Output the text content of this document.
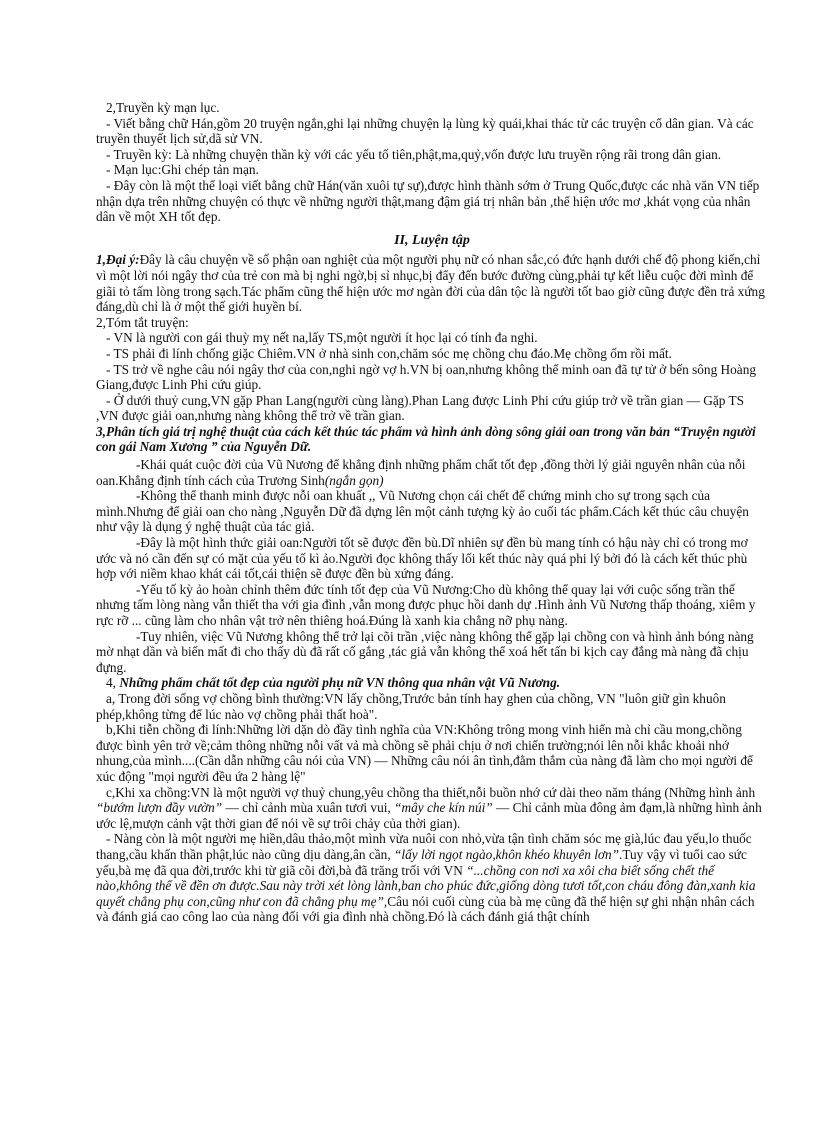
2,Truyền kỳ mạn lục.

- Viết bằng chữ Hán,gồm 20 truyện ngắn,ghi lại những chuyện lạ lùng kỳ quái,khai thác từ các truyện cổ dân gian. Và các truyền thuyết lịch sử,dã sử VN.

- Truyền kỳ: Là những chuyện thần kỳ với các yếu tố tiên,phật,ma,quỷ,vốn được lưu truyền rộng rãi trong dân gian.

- Mạn lục:Ghi chép tản mạn.

- Đây còn là một thể loại viết bằng chữ Hán(văn xuôi tự sự),được hình thành sớm ở Trung Quốc,được các nhà văn VN tiếp nhận dựa trên những chuyện có thực về những người thật,mang đậm giá trị nhân bản ,thể hiện ước mơ ,khát vọng của nhân dân về một XH tốt đẹp.

II, Luyện tập

1,Đại ý:Đây là câu chuyện về số phận oan nghiệt của một người phụ nữ có nhan sắc,có đức hạnh dưới chế độ phong kiến,chỉ vì một lời nói ngây thơ của trẻ con mà bị nghi ngờ,bị sỉ nhục,bị đẩy đến bước đường cùng,phải tự kết liễu cuộc đời mình để giãi tỏ tấm lòng trong sạch.Tác phẩm cũng thể hiện ước mơ ngàn đời của dân tộc là người tốt bao giờ cũng được đền trả xứng đáng,dù chỉ là ở một thế giới huyền bí.

2,Tóm tắt truyện:

- VN là người con gái thuỳ mỵ nết na,lấy TS,một người ít học lại có tính đa nghi.

- TS phải đi lính chống giặc Chiêm.VN ở nhà sinh con,chăm sóc mẹ chồng chu đáo.Mẹ chồng ốm rồi mất.

- TS trở về nghe câu nói ngây thơ của con,nghi ngờ vợ h.VN bị oan,nhưng không thể minh oan đã tự tử ở bến sông Hoàng Giang,được Linh Phi cứu giúp.

- Ở dưới thuỷ cung,VN gặp Phan Lang(người cùng làng).Phan Lang được Linh Phi cứu giúp trở về trần gian — Gặp TS ,VN được giải oan,nhưng nàng không thể trở về trần gian.

3,Phân tích giá trị nghệ thuật của cách kết thúc tác phẩm và hình ảnh dòng sông giải oan trong văn bản “Truyện người con gái Nam Xương ” của Nguyễn Dữ.

-Khái quát cuộc đời của Vũ Nương để khẳng định những phẩm chất tốt đẹp ,đồng thời lý giải nguyên nhân của nỗi oan.Khẳng định tính cách của Trương Sinh(ngắn gọn)

-Không thể thanh minh được nỗi oan khuất ,, Vũ Nương chọn cái chết để chứng minh cho sự trong sạch của mình.Nhưng để giải oan cho nàng ,Nguyễn Dữ đã dựng lên một cảnh tượng kỳ ảo cuối tác phẩm.Cách kết thúc câu chuyện như vậy là dụng ý nghệ thuật của tác giả.

-Đây là một hình thức giải oan:Người tốt sẽ được đền bù.Dĩ nhiên sự đền bù mang tính có hậu này chỉ có trong mơ ước và nó cần đến sự có mặt của yếu tố kì ảo.Người đọc không thấy lối kết thúc này quá phi lý bởi đó là cách kết thúc phù hợp với niềm khao khát cái tốt,cái thiện sẽ được đền bù xứng đáng.

-Yếu tố kỳ ảo hoàn chỉnh thêm đức tính tốt đẹp của Vũ Nương:Cho dù không thể quay lại với cuộc sống trần thế nhưng tấm lòng nàng vẫn thiết tha với gia đình ,vẫn mong được phục hồi danh dự .Hình ảnh Vũ Nương thấp thoáng, xiêm y rực rỡ ... cũng làm cho nhân vật trở nên thiêng hoá.Đúng là xanh kia chẳng nỡ phụ nàng.

-Tuy nhiên, việc Vũ Nương không thể trở lại cõi trần ,việc nàng không thể gặp lại chồng con và hình ảnh bóng nàng mờ nhạt dần và biến mất đi cho thấy dù đã rất cố gắng ,tác giả vẫn không thể xoá hết tấn bi kịch cay đắng mà nàng đã chịu đựng.

4, Những phẩm chất tốt đẹp của người phụ nữ VN thông qua nhân vật Vũ Nương.

a, Trong đời sống vợ chồng bình thường:VN lấy chồng,Trước bản tính hay ghen của chồng, VN "luôn giữ gìn khuôn phép,không từng để lúc nào vợ chồng phải thất hoà".

b,Khi tiễn chồng đi lính:Những lời dặn dò đầy tình nghĩa của VN:Không trông mong vinh hiển mà chỉ cầu mong,chồng được bình yên trở về;cảm thông những nỗi vất vả mà chồng sẽ phải chịu ở nơi chiến trường;nói lên nỗi khắc khoải nhớ nhung,của mình....(Cần dẫn những câu nói của VN) — Những câu nói ân tình,đằm thắm của nàng đã làm cho mọi người để xúc động "mọi người đều ứa 2 hàng lệ"

c,Khi xa chồng:VN là một người vợ thuỷ chung,yêu chồng tha thiết,nỗi buồn nhớ cứ dài theo năm tháng (Những hình ảnh “bướm lượn đầy vườn” — chỉ cảnh mùa xuân tươi vui, “mây che kín núi” — Chỉ cảnh mùa đông ảm đạm,là những hình ảnh ước lệ,mượn cảnh vật thời gian để nói về sự trôi chảy của thời gian).

- Nàng còn là một người mẹ hiền,dâu thảo,một mình vừa nuôi con nhỏ,vừa tận tình chăm sóc mẹ già,lúc đau yếu,lo thuốc thang,cầu khấn thần phật,lúc nào cũng dịu dàng,ân cần, “lấy lời ngọt ngào,khôn khéo khuyên lơn”.Tuy vậy vì tuổi cao sức yếu,bà mẹ đã qua đời,trước khi từ giã cõi đời,bà đã trăng trối với VN “...chồng con nơi xa xôi cha biết sống chết thế nào,không thể về đền ơn được.Sau này trời xét lòng lành,ban cho phúc đức,giống dòng tươi tốt,con cháu đông đàn,xanh kia quyết chẳng phụ con,cũng như con đã chẳng phụ mẹ”,Câu nói cuối cùng của bà mẹ cũng đã thể hiện sự ghi nhận nhân cách và đánh giá cao công lao của nàng đối với gia đình nhà chồng.Đó là cách đánh giá thật chính
